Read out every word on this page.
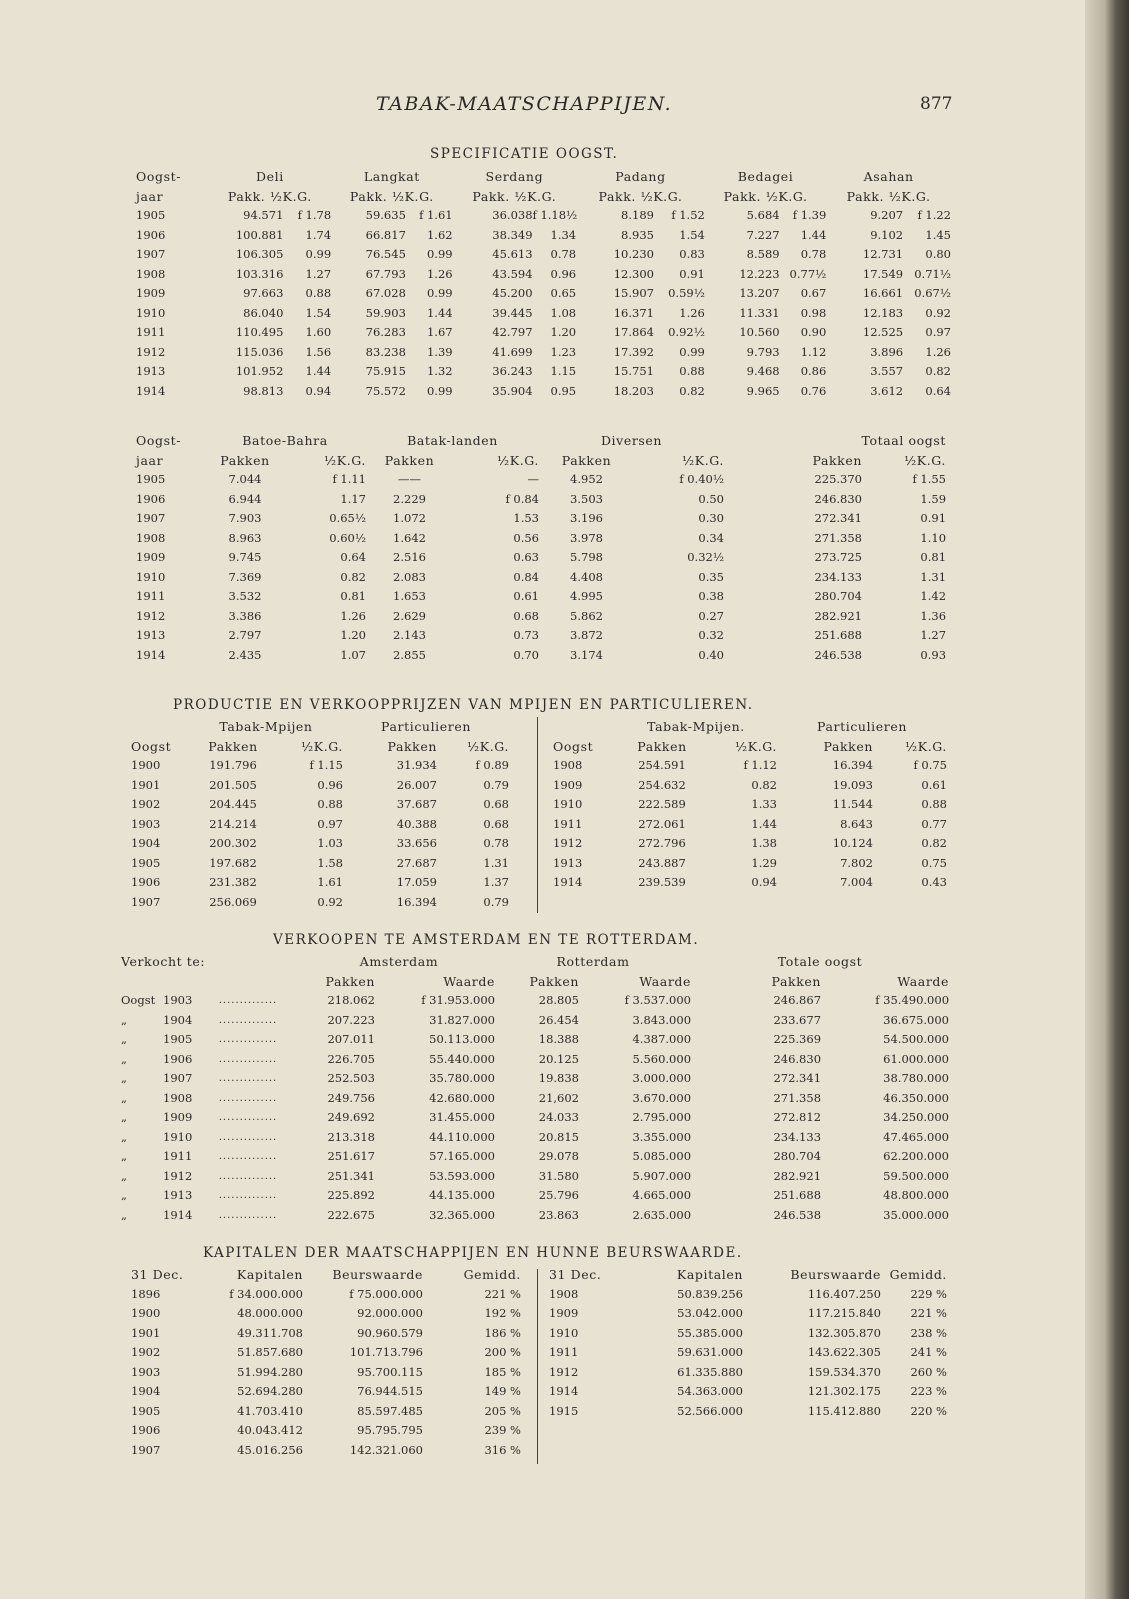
TABAK-MAATSCHAPPIJEN.	877
SPECIFICATIE OOGST.
Oogst-	Deli		Langkat		Serdang		Padang		Bedagei		Asahan	
jaar	Pakk. ½K.G.		Pakk. ½K.G.		Pakk. ½K.G.		Pakk. ½K.G.		Pakk. ½K.G.		Pakk. ½K.G.	
1905	94.571	f 1.78	59.635	f 1.61	36.038	f 1.18½	8.189	f 1.52	5.684	f 1.39	9.207	f 1.22
1906	100.881	1.74	66.817	1.62	38.349	1.34	8.935	1.54	7.227	1.44	9.102	1.45
1907	106.305	0.99	76.545	0.99	45.613	0.78	10.230	0.83	8.589	0.78	12.731	0.80
1908	103.316	1.27	67.793	1.26	43.594	0.96	12.300	0.91	12.223	0.77½	17.549	0.71½
1909	97.663	0.88	67.028	0.99	45.200	0.65	15.907	0.59½	13.207	0.67	16.661	0.67½
1910	86.040	1.54	59.903	1.44	39.445	1.08	16.371	1.26	11.331	0.98	12.183	0.92
1911	110.495	1.60	76.283	1.67	42.797	1.20	17.864	0.92½	10.560	0.90	12.525	0.97
1912	115.036	1.56	83.238	1.39	41.699	1.23	17.392	0.99	9.793	1.12	3.896	1.26
1913	101.952	1.44	75.915	1.32	36.243	1.15	15.751	0.88	9.468	0.86	3.557	0.82
1914	98.813	0.94	75.572	0.99	35.904	0.95	18.203	0.82	9.965	0.76	3.612	0.64
Oogst-	Batoe-Bahra		Batak-landen		Diversen		Totaal oogst	
jaar	Pakken	½K.G.	Pakken	½K.G.	Pakken	½K.G.	Pakken	½K.G.
1905	7.044	f 1.11	——	—	4.952	f 0.40½	225.370	f 1.55
1906	6.944	1.17	2.229	f 0.84	3.503	0.50	246.830	1.59
1907	7.903	0.65½	1.072	1.53	3.196	0.30	272.341	0.91
1908	8.963	0.60½	1.642	0.56	3.978	0.34	271.358	1.10
1909	9.745	0.64	2.516	0.63	5.798	0.32½	273.725	0.81
1910	7.369	0.82	2.083	0.84	4.408	0.35	234.133	1.31
1911	3.532	0.81	1.653	0.61	4.995	0.38	280.704	1.42
1912	3.386	1.26	2.629	0.68	5.862	0.27	282.921	1.36
1913	2.797	1.20	2.143	0.73	3.872	0.32	251.688	1.27
1914	2.435	1.07	2.855	0.70	3.174	0.40	246.538	0.93
PRODUCTIE EN VERKOOPPRIJZEN VAN MPIJEN EN PARTICULIEREN.
	Tabak-Mpijen		Particulieren	
Oogst	Pakken	½K.G.	Pakken	½K.G.
1900	191.796	f 1.15	31.934	f 0.89
1901	201.505	0.96	26.007	0.79
1902	204.445	0.88	37.687	0.68
1903	214.214	0.97	40.388	0.68
1904	200.302	1.03	33.656	0.78
1905	197.682	1.58	27.687	1.31
1906	231.382	1.61	17.059	1.37
1907	256.069	0.92	16.394	0.79
	Tabak-Mpijen.		Particulieren	
Oogst	Pakken	½K.G.	Pakken	½K.G.
1908	254.591	f 1.12	16.394	f 0.75
1909	254.632	0.82	19.093	0.61
1910	222.589	1.33	11.544	0.88
1911	272.061	1.44	8.643	0.77
1912	272.796	1.38	10.124	0.82
1913	243.887	1.29	7.802	0.75
1914	239.539	0.94	7.004	0.43
VERKOOPEN TE AMSTERDAM EN TE ROTTERDAM.
Verkocht te:			Amsterdam		Rotterdam		Totale oogst	
			Pakken	Waarde	Pakken	Waarde	Pakken	Waarde
Oogst	1903	..............	218.062	f 31.953.000	28.805	f 3.537.000	246.867	f 35.490.000
„	1904	..............	207.223	31.827.000	26.454	3.843.000	233.677	36.675.000
„	1905	..............	207.011	50.113.000	18.388	4.387.000	225.369	54.500.000
„	1906	..............	226.705	55.440.000	20.125	5.560.000	246.830	61.000.000
„	1907	..............	252.503	35.780.000	19.838	3.000.000	272.341	38.780.000
„	1908	..............	249.756	42.680.000	21,602	3.670.000	271.358	46.350.000
„	1909	..............	249.692	31.455.000	24.033	2.795.000	272.812	34.250.000
„	1910	..............	213.318	44.110.000	20.815	3.355.000	234.133	47.465.000
„	1911	..............	251.617	57.165.000	29.078	5.085.000	280.704	62.200.000
„	1912	..............	251.341	53.593.000	31.580	5.907.000	282.921	59.500.000
„	1913	..............	225.892	44.135.000	25.796	4.665.000	251.688	48.800.000
„	1914	..............	222.675	32.365.000	23.863	2.635.000	246.538	35.000.000
KAPITALEN DER MAATSCHAPPIJEN EN HUNNE BEURSWAARDE.
31 Dec.	Kapitalen	Beurswaarde	Gemidd.
1896	f 34.000.000	f 75.000.000	221 %
1900	48.000.000	92.000.000	192 %
1901	49.311.708	90.960.579	186 %
1902	51.857.680	101.713.796	200 %
1903	51.994.280	95.700.115	185 %
1904	52.694.280	76.944.515	149 %
1905	41.703.410	85.597.485	205 %
1906	40.043.412	95.795.795	239 %
1907	45.016.256	142.321.060	316 %
31 Dec.	Kapitalen	Beurswaarde	Gemidd.
1908	50.839.256	116.407.250	229 %
1909	53.042.000	117.215.840	221 %
1910	55.385.000	132.305.870	238 %
1911	59.631.000	143.622.305	241 %
1912	61.335.880	159.534.370	260 %
1914	54.363.000	121.302.175	223 %
1915	52.566.000	115.412.880	220 %
